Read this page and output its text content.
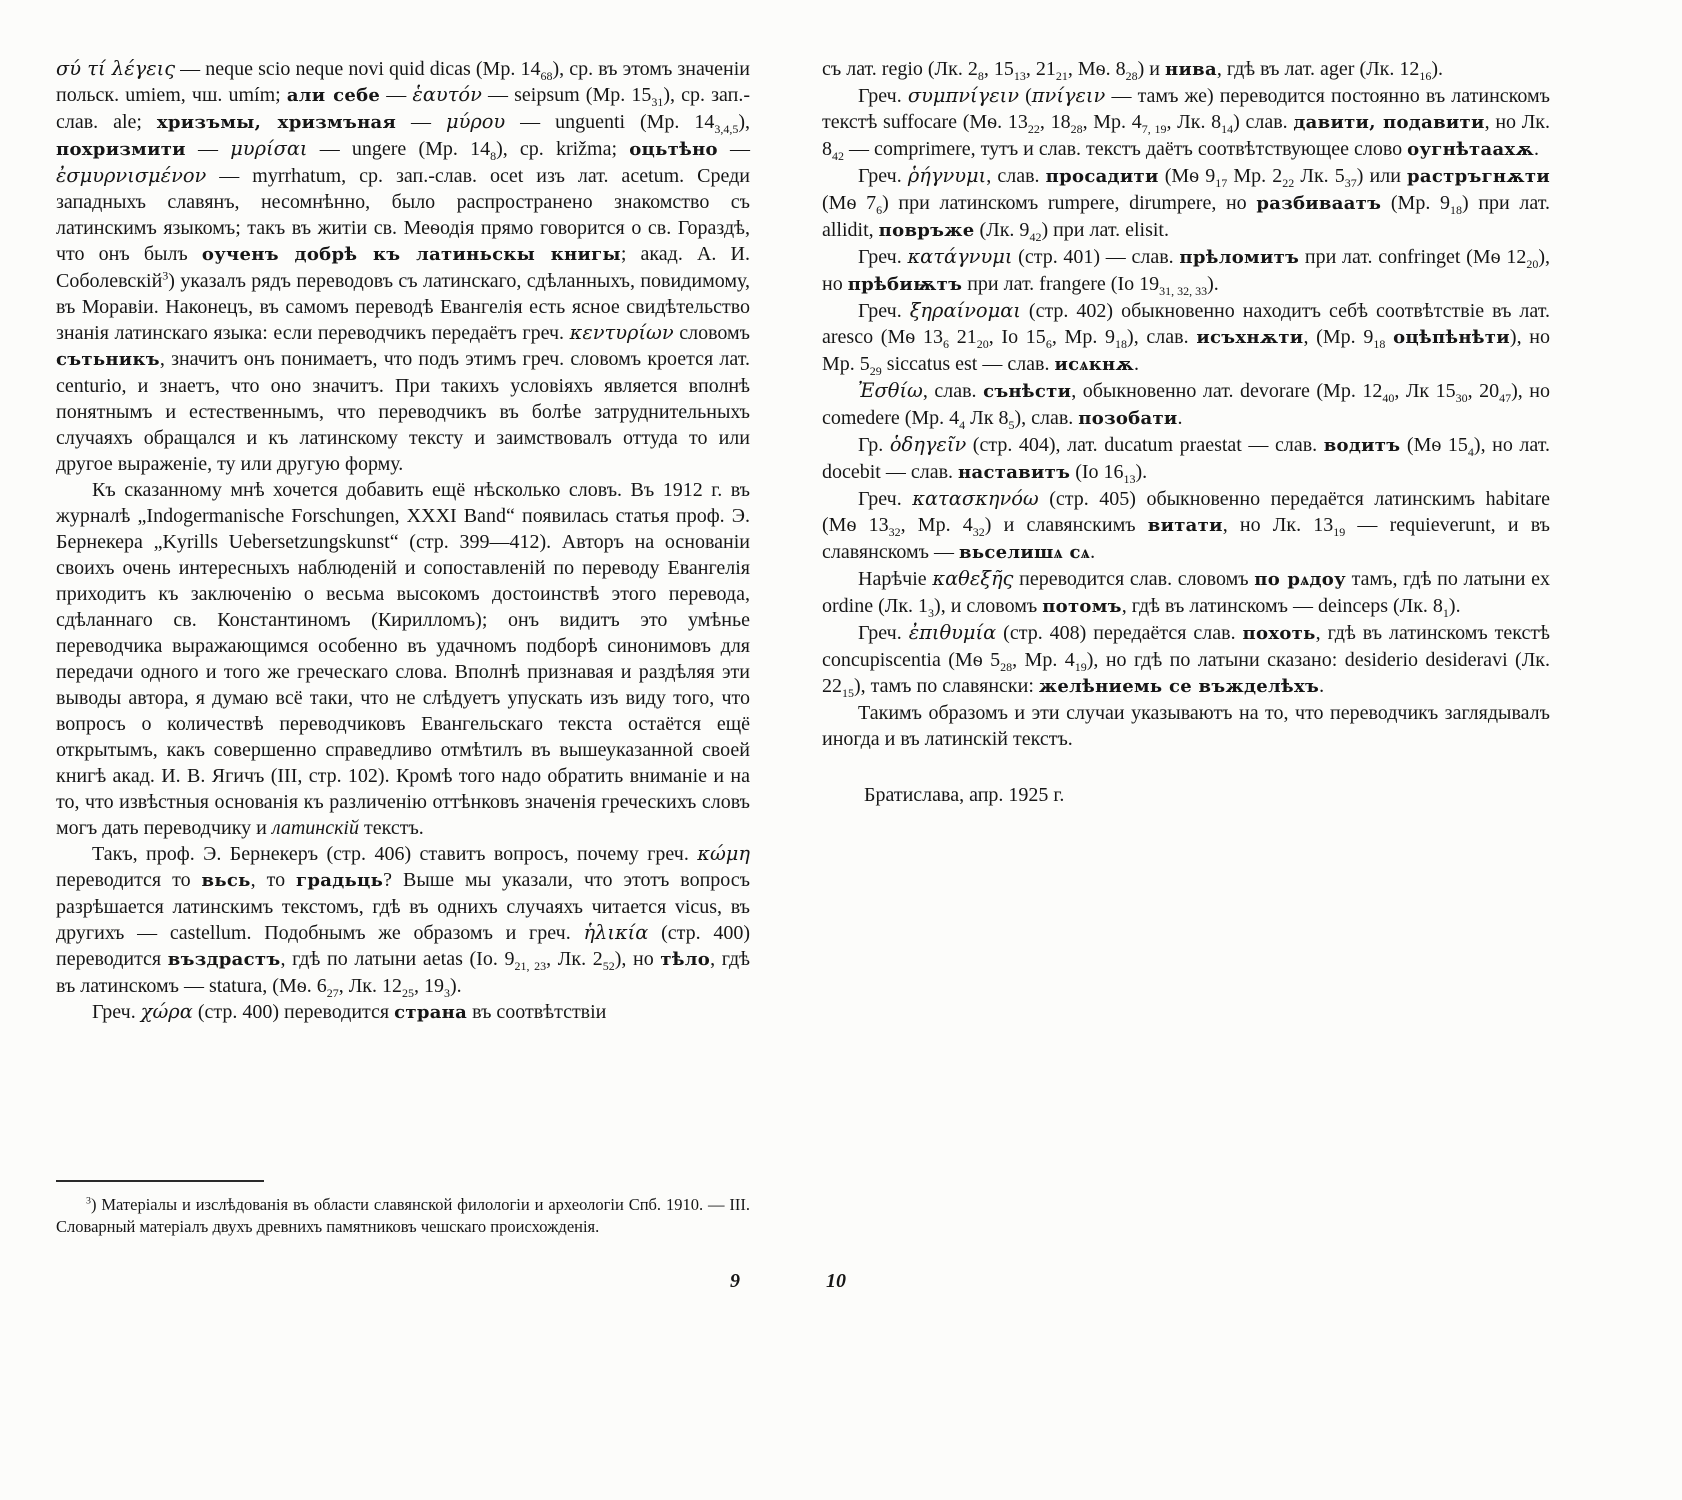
σύ τί λέγεις — neque scio neque novi quid dicas (Мр. $14_{68}$), ср. въ этомъ значеніи польск. umiem, чш. umím; али себе — ἑαυτόν — seipsum (Мр. $15_{31}$), ср. зап.-слав. ale; хризъмы, хризмъная — μύρου — unguenti (Мр. $14_{3,4,5}$), похризмити — μυρίσαι — ungere (Мр. $14_8$), ср. križma; оцьтѣно — ἐσμυρνισμένον — myrrhatum, ср. зап.-слав. ocet изъ лат. acetum. Среди западныхъ славянъ, несомнѣнно, было распространено знакомство съ латинскимъ языкомъ; такъ въ житіи св. Меѳодія прямо говорится о св. Гораздѣ, что онъ былъ оученъ добрѣ къ латиньскы книгы; акад. А. И. Соболевскій$^3$) указалъ рядъ переводовъ съ латинскаго, сдѣланныхъ, повидимому, въ Моравіи. Наконецъ, въ самомъ переводѣ Евангелія есть ясное свидѣтельство знанія латинскаго языка: если переводчикъ передаётъ греч. κεντυρίων словомъ сътьникъ, значитъ онъ понимаетъ, что подъ этимъ греч. словомъ кроется лат. centurio, и знаетъ, что оно значитъ. При такихъ условіяхъ является вполнѣ понятнымъ и естественнымъ, что переводчикъ въ болѣе затруднительныхъ случаяхъ обращался и къ латинскому тексту и заимствовалъ оттуда то или другое выраженіе, ту или другую форму.

Къ сказанному мнѣ хочется добавить ещё нѣсколько словъ. Въ 1912 г. въ журналѣ „Indogermanische Forschungen, XXXI Band“ появилась статья проф. Э. Бернекера „Kyrills Uebersetzungskunst“ (стр. 399—412). Авторъ на основаніи своихъ очень интересныхъ наблюденій и сопоставленій по переводу Евангелія приходитъ къ заключенію о весьма высокомъ достоинствѣ этого перевода, сдѣланнаго св. Константиномъ (Кирилломъ); онъ видитъ это умѣнье переводчика выражающимся особенно въ удачномъ подборѣ синонимовъ для передачи одного и того же греческаго слова. Вполнѣ признавая и раздѣляя эти выводы автора, я думаю всё таки, что не слѣдуетъ упускать изъ виду того, что вопросъ о количествѣ переводчиковъ Евангельскаго текста остаётся ещё открытымъ, какъ совершенно справедливо отмѣтилъ въ вышеуказанной своей книгѣ акад. И. В. Ягичъ (III, стр. 102). Кромѣ того надо обратить вниманіе и на то, что извѣстныя основанія къ различенію оттѣнковъ значенія греческихъ словъ могъ дать переводчику и латинскій текстъ.

Такъ, проф. Э. Бернекеръ (стр. 406) ставитъ вопросъ, почему греч. κώμη переводится то вьсь, то градьць? Выше мы указали, что этотъ вопросъ разрѣшается латинскимъ текстомъ, гдѣ въ однихъ случаяхъ читается vicus, въ другихъ — castellum. Подобнымъ же образомъ и греч. ἡλικία (стр. 400) переводится въздрастъ, гдѣ по латыни aetas (Іо. $9_{21, 23}$, Лк. $2_{52}$), но тѣло, гдѣ въ латинскомъ — statura, (Мѳ. $6_{27}$, Лк. $12_{25}$, $19_3$).

Греч. χώρα (стр. 400) переводится страна въ соотвѣтствіи

$^3$) Матеріалы и изслѣдованія въ области славянской филологіи и археологіи Спб. 1910. — III. Словарный матеріалъ двухъ древнихъ памятниковъ чешскаго происхожденія.

съ лат. regio (Лк. $2_8$, $15_{13}$, $21_{21}$, Мѳ. $8_{28}$) и нива, гдѣ въ лат. ager (Лк. $12_{16}$).

Греч. συμπνίγειν (πνίγειν — тамъ же) переводится постоянно въ латинскомъ текстѣ suffocare (Мѳ. $13_{22}$, $18_{28}$, Мр. $4_{7, 19}$, Лк. $8_{14}$) слав. давити, подавити, но Лк. $8_{42}$ — comprimere, тутъ и слав. текстъ даётъ соотвѣтствующее слово оугнѣтаахѫ.

Греч. ῥήγνυμι, слав. просадити (Мѳ $9_{17}$ Мр. $2_{22}$ Лк. $5_{37}$) или растръгнѫти (Мѳ $7_6$) при латинскомъ rumpere, dirumpere, но разбиваатъ (Мр. $9_{18}$) при лат. allidit, повръже (Лк. $9_{42}$) при лат. elisit.

Греч. κατάγνυμι (стр. 401) — слав. прѣломитъ при лат. confringet (Мѳ $12_{20}$), но прѣбиѭтъ при лат. frangere (Іо $19_{31, 32, 33}$).

Греч. ξηραίνομαι (стр. 402) обыкновенно находитъ себѣ соотвѣтствіе въ лат. aresco (Мѳ $13_6$ $21_{20}$, Іо $15_6$, Мр. $9_{18}$), слав. исъхнѫти, (Мр. $9_{18}$ оцѣпѣнѣти), но Мр. $5_{29}$ siccatus est — слав. исѧкнѫ.

Ἐσθίω, слав. сънѣсти, обыкновенно лат. devorare (Мр. $12_{40}$, Лк $15_{30}$, $20_{47}$), но comedere (Мр. $4_4$ Лк $8_5$), слав. позобати.

Гр. ὁδηγεῖν (стр. 404), лат. ducatum praestat — слав. водитъ (Мѳ $15_4$), но лат. docebit — слав. наставитъ (Іо $16_{13}$).

Греч. κατασκηνόω (стр. 405) обыкновенно передаётся латинскимъ habitare (Мѳ $13_{32}$, Мр. $4_{32}$) и славянскимъ витати, но Лк. $13_{19}$ — requieverunt, и въ славянскомъ — вьселишѧ сѧ.

Нарѣчіе καθεξῆς переводится слав. словомъ по рѧдоу тамъ, гдѣ по латыни ex ordine (Лк. $1_3$), и словомъ потомъ, гдѣ въ латинскомъ — deinceps (Лк. $8_1$).

Греч. ἐπιθυμία (стр. 408) передаётся слав. похоть, гдѣ въ латинскомъ текстѣ concupiscentia (Мѳ $5_{28}$, Мр. $4_{19}$), но гдѣ по латыни сказано: desiderio desideravi (Лк. $22_{15}$), тамъ по славянски: желѣниемь се въжделѣхъ.

Такимъ образомъ и эти случаи указываютъ на то, что переводчикъ заглядывалъ иногда и въ латинскій текстъ.

Братислава, апр. 1925 г.

9	10
